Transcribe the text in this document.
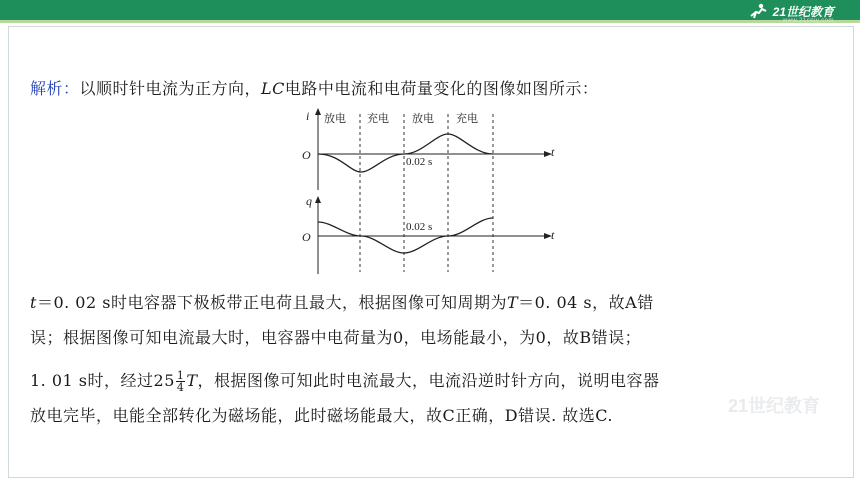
21世纪教育
www.21cnjy.com
解析：以顺时针电流为正方向，LC电路中电流和电荷量变化的图像如图所示：
i
O	t
放电 充电 放电 充电
0.02 s
q
O	t
0.02 s
t＝0. 02 s时电容器下极板带正电荷且最大，根据图像可知周期为T＝0. 04 s，故A错
误；根据图像可知电流最大时，电容器中电荷量为0，电场能最小，为0，故B错误；
1. 01 s时，经过$25 \frac{1}{4}$ T，根据图像可知此时电流最大，电流沿逆时针方向，说明电容器
放电完毕，电能全部转化为磁场能，此时磁场能最大，故C正确，D错误. 故选C.	21世纪教育
